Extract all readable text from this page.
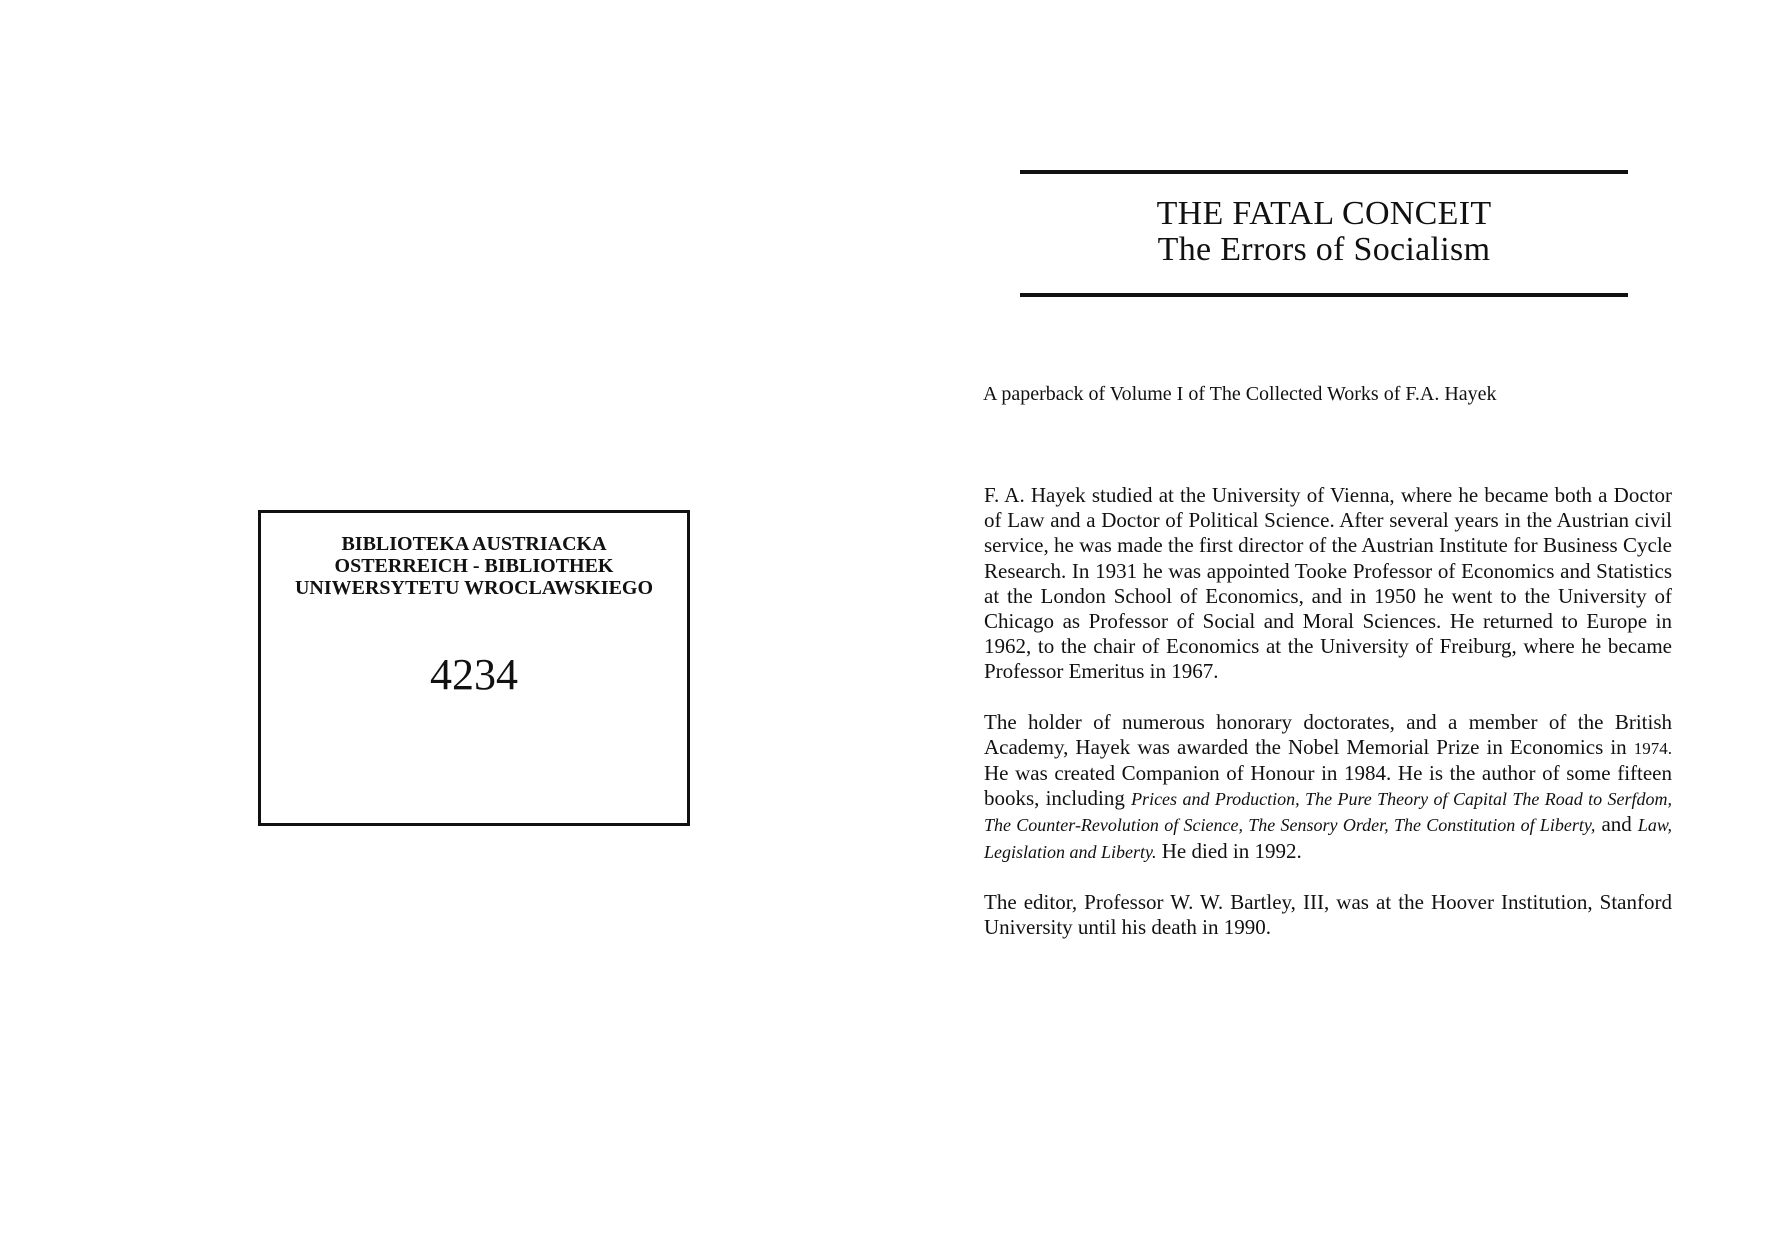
BIBLIOTEKA AUSTRIACKA
OSTERREICH - BIBLIOTHEK
UNIWERSYTETU WROCLAWSKIEGO
4234
THE FATAL CONCEIT
The Errors of Socialism
A paperback of Volume I of The Collected Works of F.A. Hayek

F. A. Hayek studied at the University of Vienna, where he became both a Doctor of Law and a Doctor of Political Science. After several years in the Austrian civil service, he was made the first director of the Austrian Institute for Business Cycle Research. In 1931 he was appointed Tooke Professor of Economics and Statistics at the London School of Economics, and in 1950 he went to the University of Chicago as Professor of Social and Moral Sciences. He returned to Europe in 1962, to the chair of Economics at the University of Freiburg, where he became Professor Emeritus in 1967.

The holder of numerous honorary doctorates, and a member of the British Academy, Hayek was awarded the Nobel Memorial Prize in Economics in 1974. He was created Companion of Honour in 1984. He is the author of some fifteen books, including Prices and Production, The Pure Theory of Capital The Road to Serfdom, The Counter-Revolution of Science, The Sensory Order, The Constitution of Liberty, and Law, Legislation and Liberty. He died in 1992.

The editor, Professor W. W. Bartley, III, was at the Hoover Institution, Stanford University until his death in 1990.
